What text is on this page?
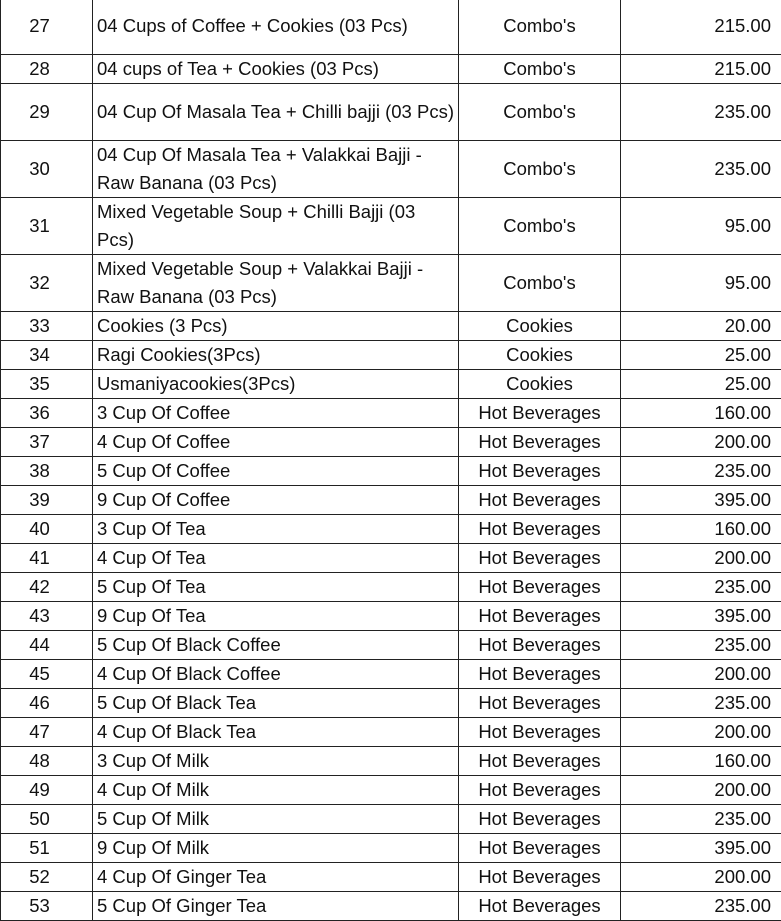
27	04 Cups of Coffee + Cookies (03 Pcs)	Combo's	215.00
28	04 cups of Tea + Cookies (03 Pcs)	Combo's	215.00
29	04 Cup Of Masala Tea + Chilli bajji (03 Pcs)	Combo's	235.00
30	04 Cup Of Masala Tea + Valakkai Bajji - Raw Banana (03 Pcs)	Combo's	235.00
31	Mixed Vegetable Soup + Chilli Bajji (03 Pcs)	Combo's	95.00
32	Mixed Vegetable Soup + Valakkai Bajji - Raw Banana (03 Pcs)	Combo's	95.00
33	Cookies (3 Pcs)	Cookies	20.00
34	Ragi Cookies(3Pcs)	Cookies	25.00
35	Usmaniyacookies(3Pcs)	Cookies	25.00
36	3 Cup Of Coffee	Hot Beverages	160.00
37	4 Cup Of Coffee	Hot Beverages	200.00
38	5 Cup Of Coffee	Hot Beverages	235.00
39	9 Cup Of Coffee	Hot Beverages	395.00
40	3 Cup Of Tea	Hot Beverages	160.00
41	4 Cup Of Tea	Hot Beverages	200.00
42	5 Cup Of Tea	Hot Beverages	235.00
43	9 Cup Of Tea	Hot Beverages	395.00
44	5 Cup Of Black Coffee	Hot Beverages	235.00
45	4 Cup Of Black Coffee	Hot Beverages	200.00
46	5 Cup Of Black Tea	Hot Beverages	235.00
47	4 Cup Of Black Tea	Hot Beverages	200.00
48	3 Cup Of Milk	Hot Beverages	160.00
49	4 Cup Of Milk	Hot Beverages	200.00
50	5 Cup Of Milk	Hot Beverages	235.00
51	9 Cup Of Milk	Hot Beverages	395.00
52	4 Cup Of Ginger Tea	Hot Beverages	200.00
53	5 Cup Of Ginger Tea	Hot Beverages	235.00
